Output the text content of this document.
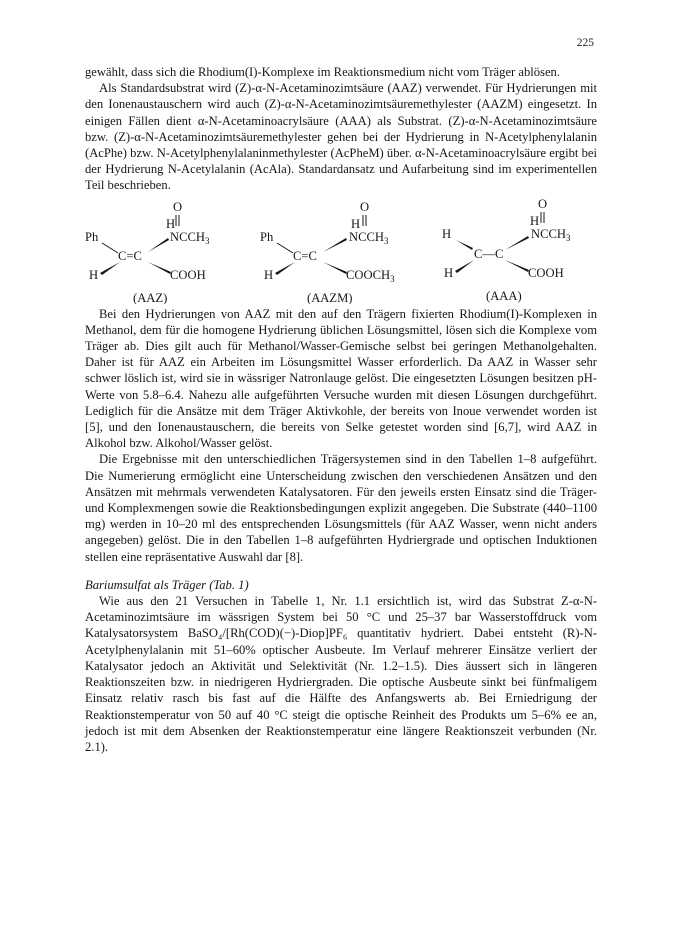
225

gewählt, dass sich die Rhodium(I)-Komplexe im Reaktionsmedium nicht vom Träger ablösen.

Als Standardsubstrat wird (Z)-α-N-Acetaminozimtsäure (AAZ) verwendet. Für Hydrierungen mit den Ionenaustauschern wird auch (Z)-α-N-Acetaminozimtsäuremethylester (AAZM) eingesetzt. In einigen Fällen dient α-N-Acetaminoacrylsäure (AAA) als Substrat. (Z)-α-N-Acetaminozimtsäure bzw. (Z)-α-N-Acetaminozimtsäuremethylester gehen bei der Hydrierung in N-Acetylphenylalanin (AcPhe) bzw. N-Acetylphenylalaninmethylester (AcPheM) über. α-N-Acetaminoacrylsäure ergibt bei der Hydrierung N-Acetylalanin (AcAla). Standardansatz und Aufarbeitung sind im experimentellen Teil beschrieben.

O
H
$NCCH_3$
Ph
C=C
H	COOH
(AAZ)
O
H
$NCCH_3$
Ph
C=C
H	$COOCH_3$
(AAZM)
O
H
$NCCH_3$
H
C—C
H	COOH
(AAA)

Bei den Hydrierungen von AAZ mit den auf den Trägern fixierten Rhodium(I)-Komplexen in Methanol, dem für die homogene Hydrierung üblichen Lösungsmittel, lösen sich die Komplexe vom Träger ab. Dies gilt auch für Methanol/Wasser-Gemische selbst bei geringen Methanolgehalten. Daher ist für AAZ ein Arbeiten im Lösungsmittel Wasser erforderlich. Da AAZ in Wasser sehr schwer löslich ist, wird sie in wässriger Natronlauge gelöst. Die eingesetzten Lösungen besitzen pH-Werte von 5.8–6.4. Nahezu alle aufgeführten Versuche wurden mit diesen Lösungen durchgeführt. Lediglich für die Ansätze mit dem Träger Aktivkohle, der bereits von Inoue verwendet worden ist [5], und den Ionenaustauschern, die bereits von Selke getestet worden sind [6,7], wird AAZ in Alkohol bzw. Alkohol/Wasser gelöst.

Die Ergebnisse mit den unterschiedlichen Trägersystemen sind in den Tabellen 1–8 aufgeführt. Die Numerierung ermöglicht eine Unterscheidung zwischen den verschiedenen Ansätzen und den Ansätzen mit mehrmals verwendeten Katalysatoren. Für den jeweils ersten Einsatz sind die Träger- und Komplexmengen sowie die Reaktionsbedingungen explizit angegeben. Die Substrate (440–1100 mg) werden in 10–20 ml des entsprechenden Lösungsmittels (für AAZ Wasser, wenn nicht anders angegeben) gelöst. Die in den Tabellen 1–8 aufgeführten Hydriergrade und optischen Induktionen stellen eine repräsentative Auswahl dar [8].

Bariumsulfat als Träger (Tab. 1)

Wie aus den 21 Versuchen in Tabelle 1, Nr. 1.1 ersichtlich ist, wird das Substrat Z-α-N-Acetaminozimtsäure im wässrigen System bei 50 °C und 25–37 bar Wasserstoffdruck vom Katalysatorsystem BaSO₄/[Rh(COD)(−)-Diop]PF₆ quantitativ hydriert. Dabei entsteht (R)-N-Acetylphenylalanin mit 51–60% optischer Ausbeute. Im Verlauf mehrerer Einsätze verliert der Katalysator jedoch an Aktivität und Selektivität (Nr. 1.2–1.5). Dies äussert sich in längeren Reaktionszeiten bzw. in niedrigeren Hydriergraden. Die optische Ausbeute sinkt bei fünfmaligem Einsatz relativ rasch bis fast auf die Hälfte des Anfangswerts ab. Bei Erniedrigung der Reaktionstemperatur von 50 auf 40 °C steigt die optische Reinheit des Produkts um 5–6% ee an, jedoch ist mit dem Absenken der Reaktionstemperatur eine längere Reaktionszeit verbunden (Nr. 2.1).
